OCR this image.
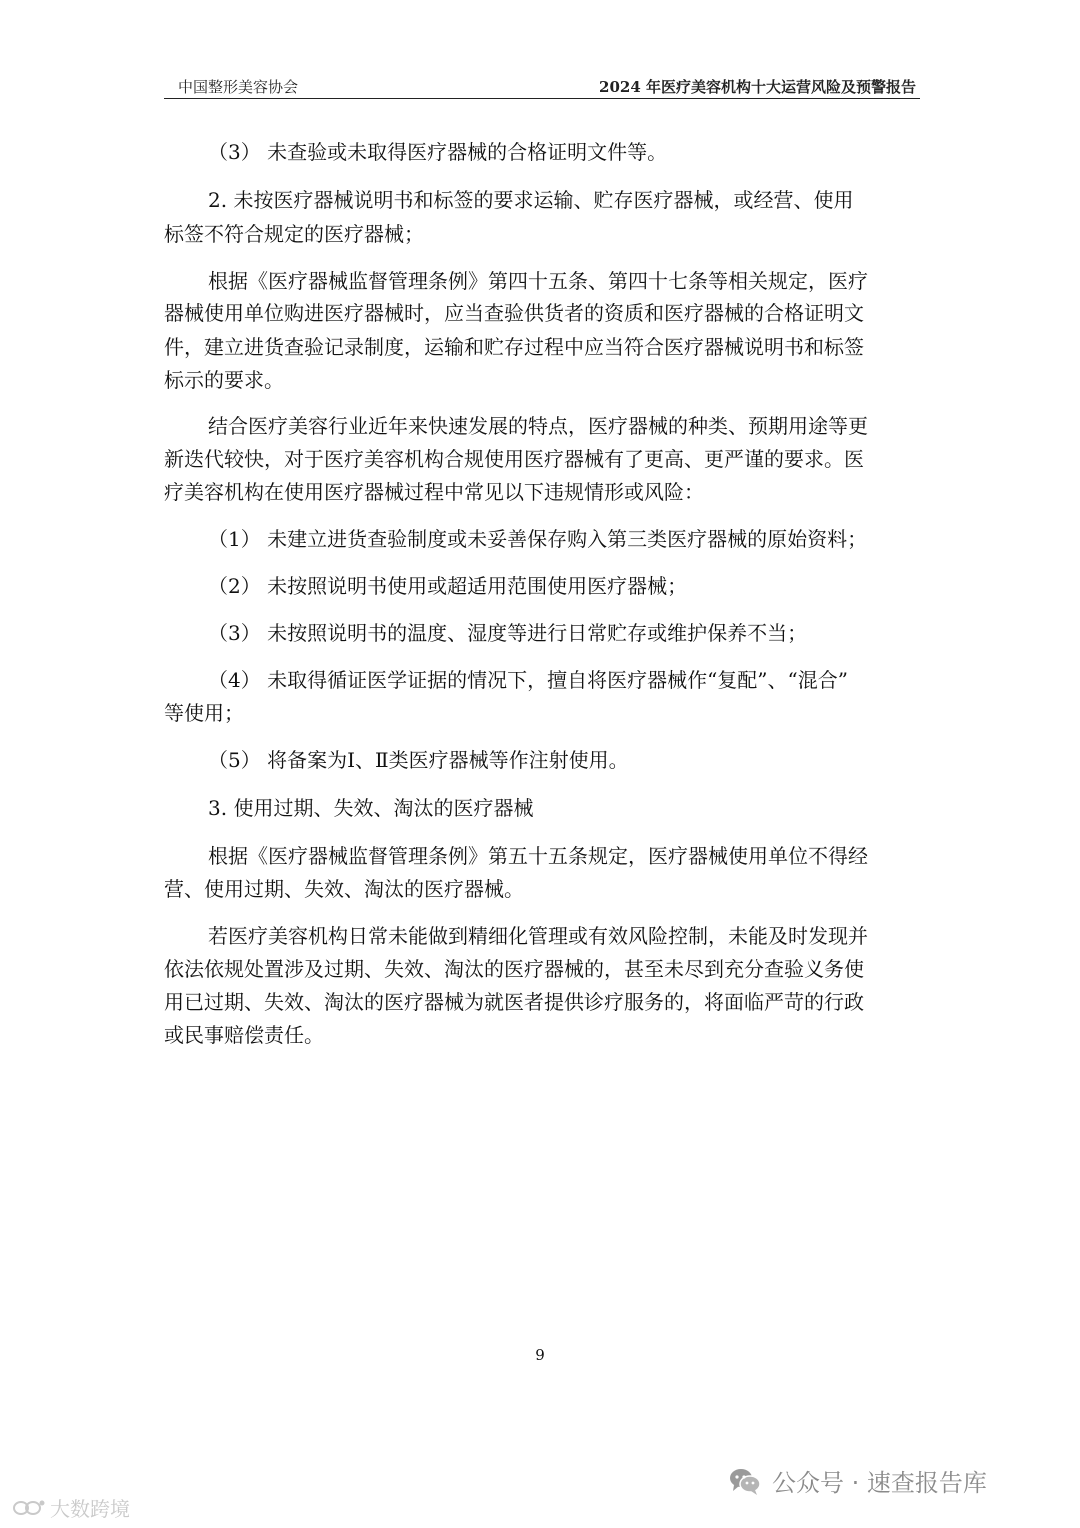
中国整形美容协会	2024 年医疗美容机构十大运营风险及预警报告
（3） 未查验或未取得医疗器械的合格证明文件等。
2. 未按医疗器械说明书和标签的要求运输、贮存医疗器械，或经营、使用
标签不符合规定的医疗器械；
根据《医疗器械监督管理条例》第四十五条、第四十七条等相关规定，医疗
器械使用单位购进医疗器械时，应当查验供货者的资质和医疗器械的合格证明文
件，建立进货查验记录制度，运输和贮存过程中应当符合医疗器械说明书和标签
标示的要求。
结合医疗美容行业近年来快速发展的特点，医疗器械的种类、预期用途等更
新迭代较快，对于医疗美容机构合规使用医疗器械有了更高、更严谨的要求。医
疗美容机构在使用医疗器械过程中常见以下违规情形或风险：
（1） 未建立进货查验制度或未妥善保存购入第三类医疗器械的原始资料；
（2） 未按照说明书使用或超适用范围使用医疗器械；
（3） 未按照说明书的温度、湿度等进行日常贮存或维护保养不当；
（4） 未取得循证医学证据的情况下，擅自将医疗器械作“复配”、“混合”
等使用；
（5） 将备案为Ⅰ、Ⅱ类医疗器械等作注射使用。
3. 使用过期、失效、淘汰的医疗器械
根据《医疗器械监督管理条例》第五十五条规定，医疗器械使用单位不得经
营、使用过期、失效、淘汰的医疗器械。
若医疗美容机构日常未能做到精细化管理或有效风险控制，未能及时发现并
依法依规处置涉及过期、失效、淘汰的医疗器械的，甚至未尽到充分查验义务使
用已过期、失效、淘汰的医疗器械为就医者提供诊疗服务的，将面临严苛的行政
或民事赔偿责任。
9
大数跨境
公众号 · 速查报告库
